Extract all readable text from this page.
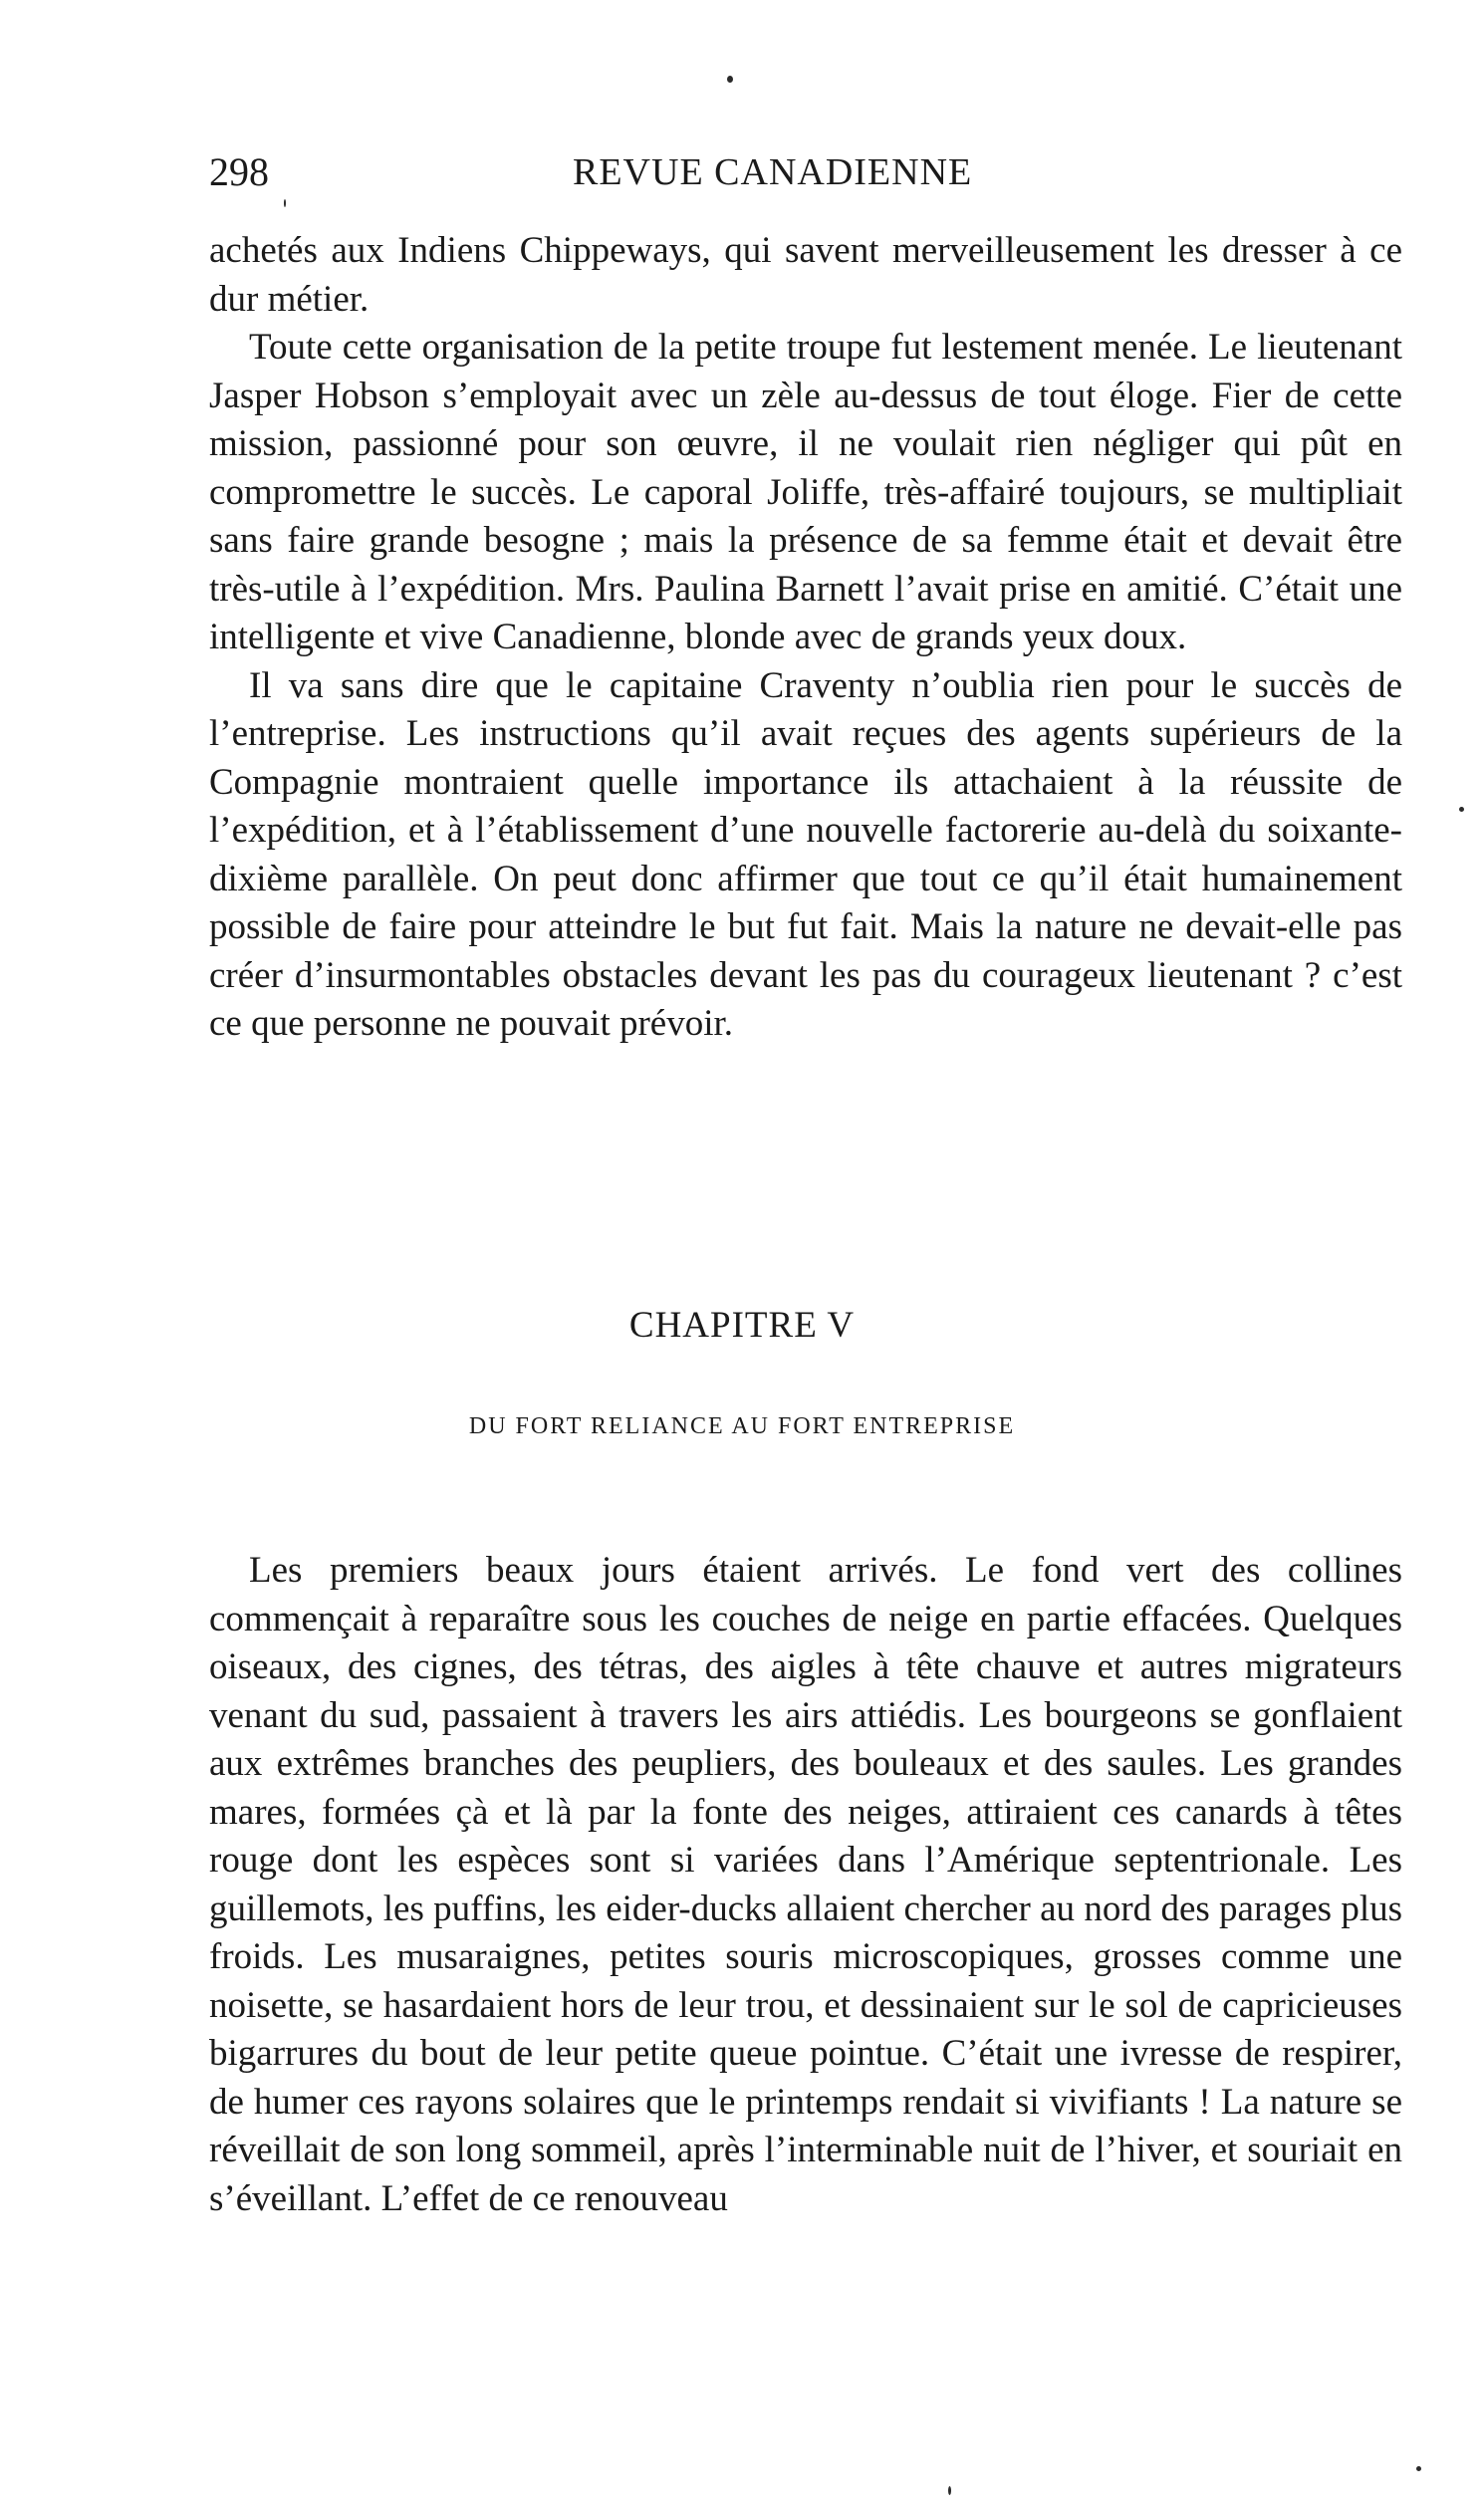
298	REVUE CANADIENNE

achetés aux Indiens Chippeways, qui savent merveilleusement les dresser à ce dur métier.

Toute cette organisation de la petite troupe fut lestement menée. Le lieutenant Jasper Hobson s’employait avec un zèle au-dessus de tout éloge. Fier de cette mission, passionné pour son œuvre, il ne voulait rien négliger qui pût en compromettre le succès. Le caporal Joliffe, très-affairé toujours, se multipliait sans faire grande besogne ; mais la présence de sa femme était et devait être très-utile à l’expédition. Mrs. Paulina Barnett l’avait prise en amitié. C’était une intelligente et vive Canadienne, blonde avec de grands yeux doux.

Il va sans dire que le capitaine Craventy n’oublia rien pour le succès de l’entreprise. Les instructions qu’il avait reçues des agents supérieurs de la Compagnie montraient quelle importance ils attachaient à la réussite de l’expédition, et à l’établissement d’une nouvelle factorerie au-delà du soixante-dixième parallèle. On peut donc affirmer que tout ce qu’il était humainement possible de faire pour atteindre le but fut fait. Mais la nature ne devait-elle pas créer d’insurmontables obstacles devant les pas du courageux lieutenant ? c’est ce que personne ne pouvait prévoir.

CHAPITRE V
DU FORT RELIANCE AU FORT ENTREPRISE

Les premiers beaux jours étaient arrivés. Le fond vert des collines commençait à reparaître sous les couches de neige en partie effacées. Quelques oiseaux, des cignes, des tétras, des aigles à tête chauve et autres migrateurs venant du sud, passaient à travers les airs attiédis. Les bourgeons se gonflaient aux extrêmes branches des peupliers, des bouleaux et des saules. Les grandes mares, formées çà et là par la fonte des neiges, attiraient ces canards à têtes rouge dont les espèces sont si variées dans l’Amérique septentrionale. Les guillemots, les puffins, les eider-ducks allaient chercher au nord des parages plus froids. Les musaraignes, petites souris microscopiques, grosses comme une noisette, se hasardaient hors de leur trou, et dessinaient sur le sol de capricieuses bigarrures du bout de leur petite queue pointue. C’était une ivresse de respirer, de humer ces rayons solaires que le printemps rendait si vivifiants ! La nature se réveillait de son long sommeil, après l’interminable nuit de l’hiver, et souriait en s’éveillant. L’effet de ce renouveau
